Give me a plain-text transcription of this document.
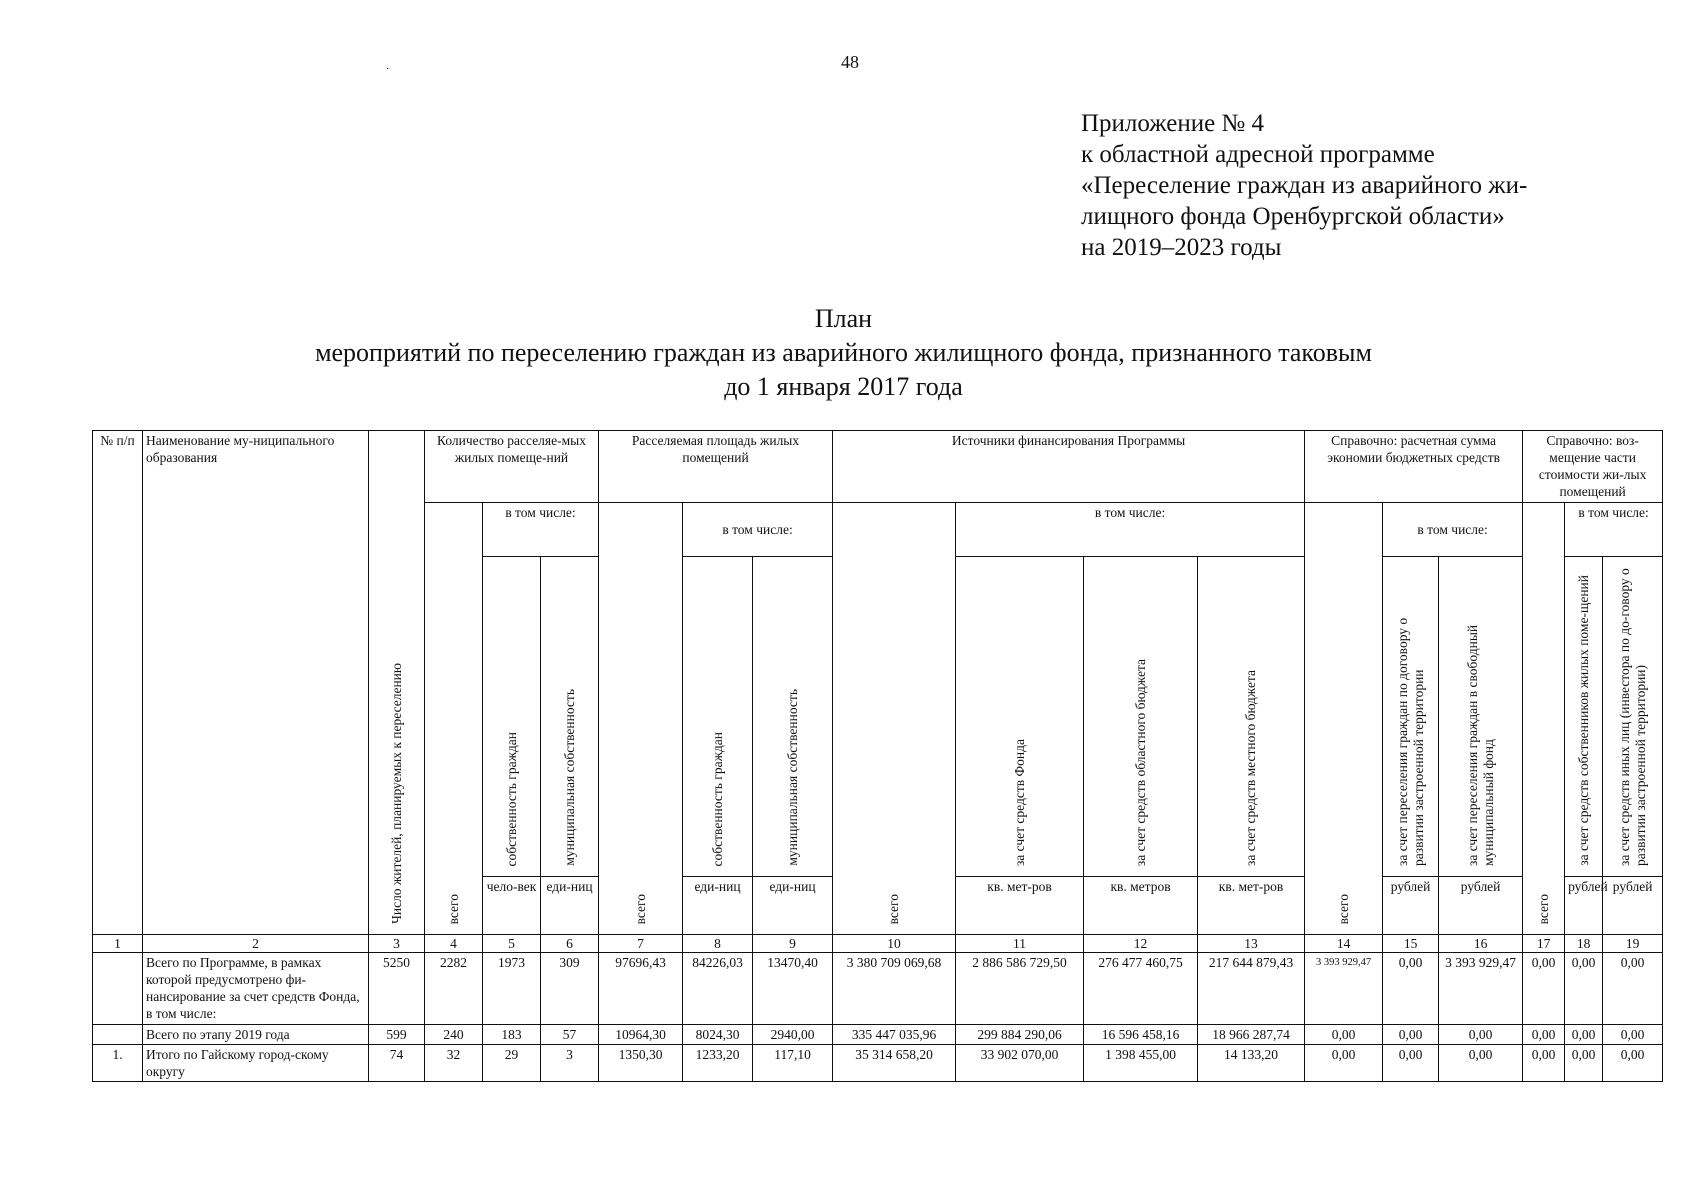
48
·
Приложение № 4
к областной адресной программе
«Переселение граждан из аварийного жи-
лищного фонда Оренбургской области»
на 2019–2023 годы
План
мероприятий по переселению граждан из аварийного жилищного фонда, признанного таковым
до 1 января 2017 года
№ п/п	Наименование му-ниципального образования	Число жителей, планируемых к переселению	Количество расселяе-мых жилых помеще-ний			Расселяемая площадь жилых помещений			Источники финансирования Программы				Справочно: расчетная сумма экономии бюджетных средств			Справочно: воз-мещение части стоимости жи-лых помещений			
			всего	в том числе:		всего	в том числе:		всего	в том числе:			всего	в том числе:		всего	в том числе:		
				собственность граждан	муниципальная собственность		собственность граждан	муниципальная собственность		за счет средств Фонда	за счет средств областного бюджета	за счет средств местного бюджета		за счет переселения граждан по договору о развитии застроенной территории	за счет переселения граждан в свободный муниципальный фонд		за счет средств собственников жилых поме-щений	за счет средств иных лиц (инвестора по до-говору о развитии застроенной территории)	
				чело-век	еди-ниц		еди-ниц	еди-ниц		кв. мет-ров	кв. метров	кв. мет-ров		рублей	рублей		рублей	рублей						
1	2	3	4	5	6	7	8	9	10	11	12	13	14	15	16	17	18	19	
	Всего по Программе, в рамках которой предусмотрено фи-нансирование за счет средств Фонда, в том числе:	5250	2282	1973	309	97696,43	84226,03	13470,40	3 380 709 069,68	2 886 586 729,50	276 477 460,75	217 644 879,43	3 393 929,47	0,00	3 393 929,47	0,00	0,00	0,00	
	Всего по этапу 2019 года	599	240	183	57	10964,30	8024,30	2940,00	335 447 035,96	299 884 290,06	16 596 458,16	18 966 287,74	0,00	0,00	0,00	0,00	0,00	0,00	
1.	Итого по Гайскому город-скому округу	74	32	29	3	1350,30	1233,20	117,10	35 314 658,20	33 902 070,00	1 398 455,00	14 133,20	0,00	0,00	0,00	0,00	0,00	0,00	
